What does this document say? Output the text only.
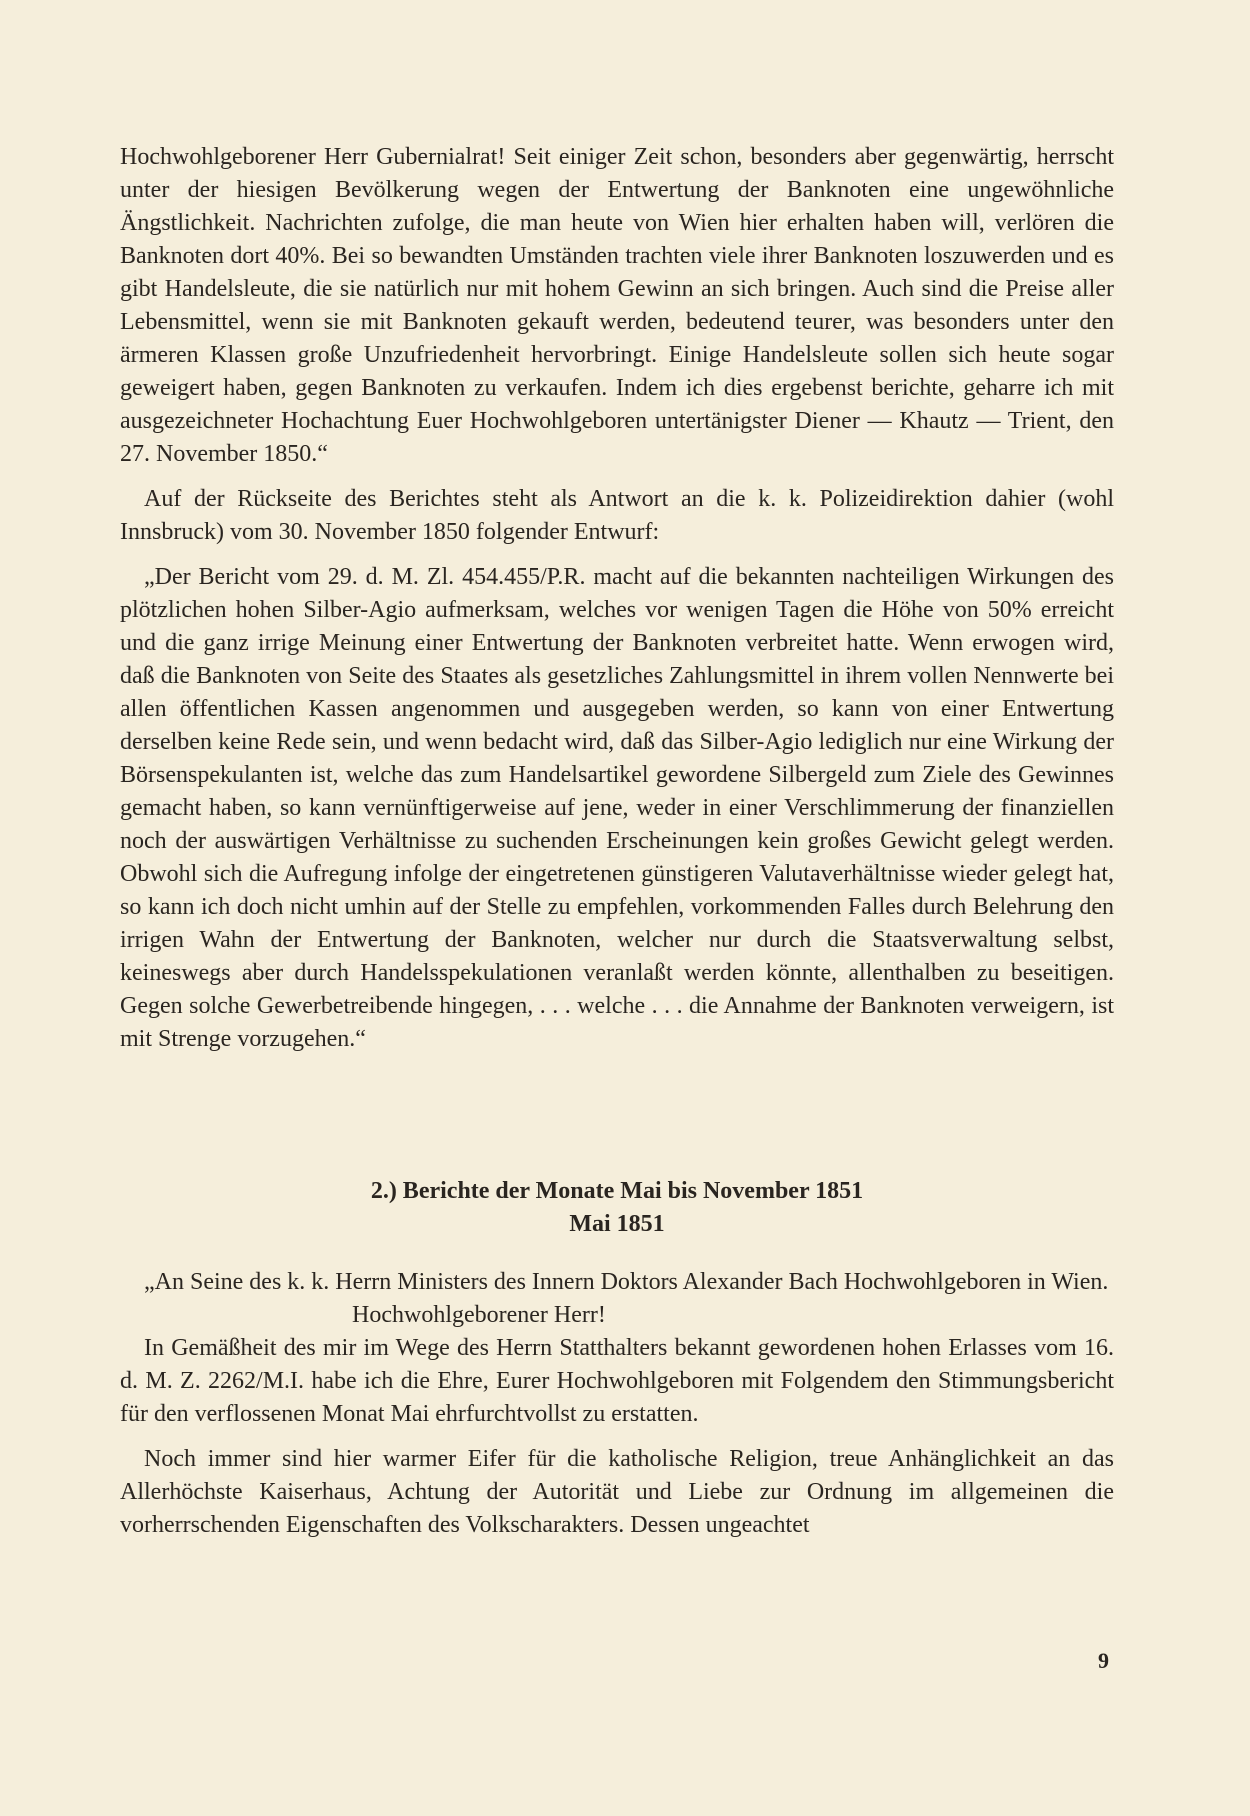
Hochwohlgeborener Herr Gubernialrat! Seit einiger Zeit schon, besonders aber gegenwärtig, herrscht unter der hiesigen Bevölkerung wegen der Entwertung der Banknoten eine ungewöhnliche Ängstlichkeit. Nachrichten zufolge, die man heute von Wien hier erhalten haben will, verlören die Banknoten dort 40%. Bei so bewandten Umständen trachten viele ihrer Banknoten loszuwerden und es gibt Handelsleute, die sie natürlich nur mit hohem Gewinn an sich bringen. Auch sind die Preise aller Lebensmittel, wenn sie mit Banknoten gekauft werden, bedeutend teurer, was besonders unter den ärmeren Klassen große Unzufriedenheit hervorbringt. Einige Handelsleute sollen sich heute sogar geweigert haben, gegen Banknoten zu verkaufen. Indem ich dies ergebenst berichte, geharre ich mit ausgezeichneter Hochachtung Euer Hochwohlgeboren untertänigster Diener — Khautz — Trient, den 27. November 1850.“

Auf der Rückseite des Berichtes steht als Antwort an die k. k. Polizeidirektion dahier (wohl Innsbruck) vom 30. November 1850 folgender Entwurf:

„Der Bericht vom 29. d. M. Zl. 454.455/P.R. macht auf die bekannten nachteiligen Wirkungen des plötzlichen hohen Silber-Agio aufmerksam, welches vor wenigen Tagen die Höhe von 50% erreicht und die ganz irrige Meinung einer Entwertung der Banknoten verbreitet hatte. Wenn erwogen wird, daß die Banknoten von Seite des Staates als gesetzliches Zahlungsmittel in ihrem vollen Nennwerte bei allen öffentlichen Kassen angenommen und ausgegeben werden, so kann von einer Entwertung derselben keine Rede sein, und wenn bedacht wird, daß das Silber-Agio lediglich nur eine Wirkung der Börsenspekulanten ist, welche das zum Handelsartikel gewordene Silbergeld zum Ziele des Gewinnes gemacht haben, so kann vernünftigerweise auf jene, weder in einer Verschlimmerung der finanziellen noch der auswärtigen Verhältnisse zu suchenden Erscheinungen kein großes Gewicht gelegt werden. Obwohl sich die Aufregung infolge der eingetretenen günstigeren Valutaverhältnisse wieder gelegt hat, so kann ich doch nicht umhin auf der Stelle zu empfehlen, vorkommenden Falles durch Belehrung den irrigen Wahn der Entwertung der Banknoten, welcher nur durch die Staatsverwaltung selbst, keineswegs aber durch Handelsspekulationen veranlaßt werden könnte, allenthalben zu beseitigen. Gegen solche Gewerbetreibende hingegen, . . . welche . . . die Annahme der Banknoten verweigern, ist mit Strenge vorzugehen.“

2.) Berichte der Monate Mai bis November 1851

Mai 1851

„An Seine des k. k. Herrn Ministers des Innern Doktors Alexander Bach Hochwohlgeboren in Wien.

Hochwohlgeborener Herr!

In Gemäßheit des mir im Wege des Herrn Statthalters bekannt gewordenen hohen Erlasses vom 16. d. M. Z. 2262/M.I. habe ich die Ehre, Eurer Hochwohlgeboren mit Folgendem den Stimmungsbericht für den verflossenen Monat Mai ehrfurchtvollst zu erstatten.

Noch immer sind hier warmer Eifer für die katholische Religion, treue Anhänglichkeit an das Allerhöchste Kaiserhaus, Achtung der Autorität und Liebe zur Ordnung im allgemeinen die vorherrschenden Eigenschaften des Volkscharakters. Dessen ungeachtet

9
